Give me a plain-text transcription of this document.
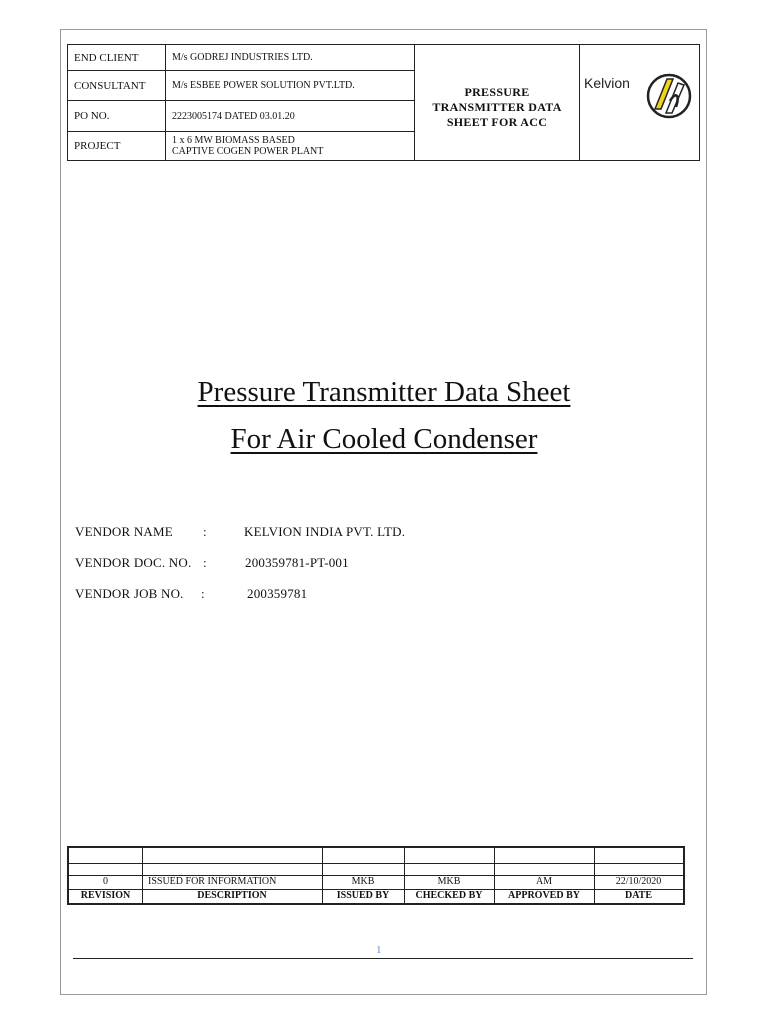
END CLIENT	M/s GODREJ INDUSTRIES LTD.
CONSULTANT	M/s ESBEE POWER SOLUTION PVT.LTD.
PO NO.	2223005174 DATED 03.01.20
PROJECT	1 x 6 MW BIOMASS BASED
CAPTIVE COGEN POWER PLANT
PRESSURE
TRANSMITTER DATA
SHEET FOR ACC
Kelvion
Pressure Transmitter Data Sheet
For Air Cooled Condenser
VENDOR NAME :	KELVION INDIA PVT. LTD.
VENDOR DOC. NO. :	200359781-PT-001
VENDOR JOB NO. :	200359781
0	ISSUED FOR INFORMATION	MKB	MKB	AM	22/10/2020
REVISION	DESCRIPTION	ISSUED BY	CHECKED BY	APPROVED BY	DATE
1
